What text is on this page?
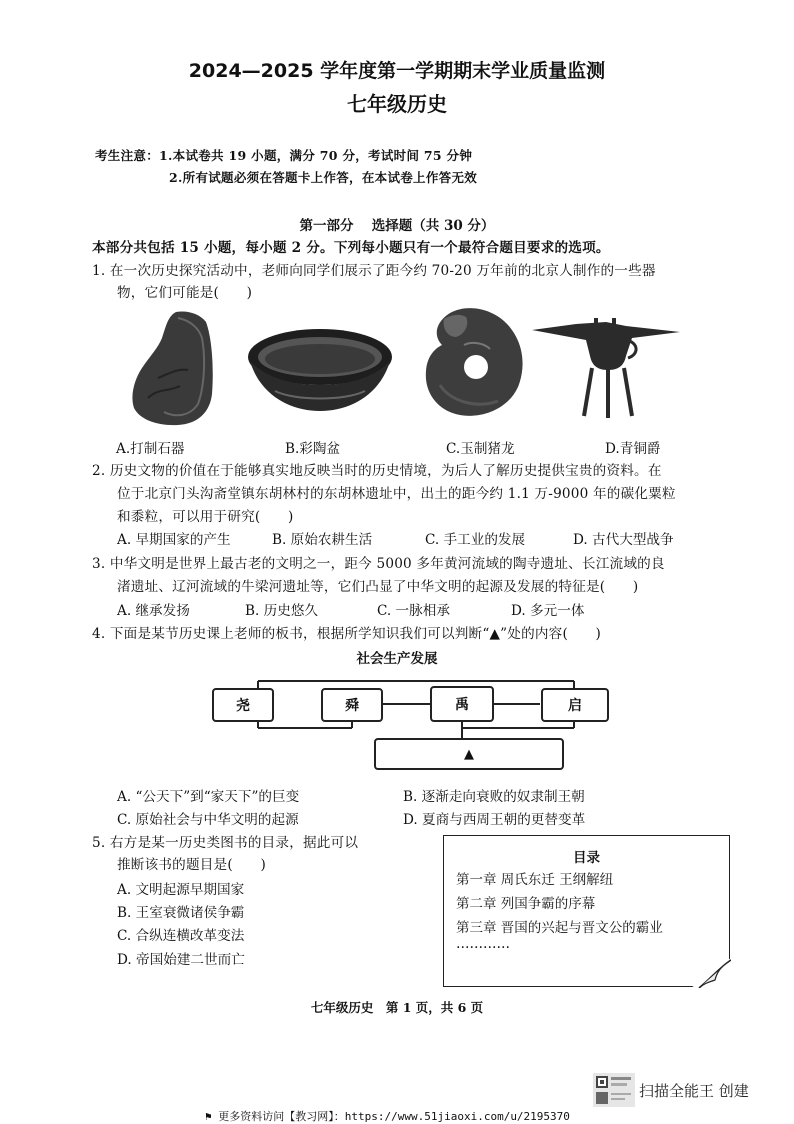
2024—2025 学年度第一学期期末学业质量监测
七年级历史
考生注意：1.本试卷共 19 小题，满分 70 分，考试时间 75 分钟
2.所有试题必须在答题卡上作答，在本试卷上作答无效
第一部分　 选择题（共 30 分）
本部分共包括 15 小题，每小题 2 分。下列每小题只有一个最符合题目要求的选项。
1. 在一次历史探究活动中，老师向同学们展示了距今约 70-20 万年前的北京人制作的一些器
物，它们可能是(　　)
A.打制石器	B.彩陶盆	C.玉制猪龙	D.青铜爵
2. 历史文物的价值在于能够真实地反映当时的历史情境，为后人了解历史提供宝贵的资料。在
位于北京门头沟斋堂镇东胡林村的东胡林遗址中，出土的距今约 1.1 万-9000 年的碳化粟粒
和黍粒，可以用于研究(　　)
A. 早期国家的产生	B. 原始农耕生活	C. 手工业的发展	D. 古代大型战争
3. 中华文明是世界上最古老的文明之一，距今 5000 多年黄河流域的陶寺遗址、长江流域的良
渚遗址、辽河流域的牛梁河遗址等，它们凸显了中华文明的起源及发展的特征是(　　)
A. 继承发扬	B. 历史悠久	C. 一脉相承	D. 多元一体
4. 下面是某节历史课上老师的板书，根据所学知识我们可以判断“▲”处的内容(　　)
社会生产发展
尧	舜	禹	启
▲
A. “公天下”到“家天下”的巨变	B. 逐渐走向衰败的奴隶制王朝
C. 原始社会与中华文明的起源	D. 夏商与西周王朝的更替变革
5. 右方是某一历史类图书的目录，据此可以
推断该书的题目是(　　)
A. 文明起源早期国家
B. 王室衰微诸侯争霸
C. 合纵连横改革变法
D. 帝国始建二世而亡
目录
第一章 周氏东迁 王纲解纽
第二章 列国争霸的序幕
第三章 晋国的兴起与晋文公的霸业
…………
七年级历史　第 1 页，共 6 页
扫描全能王 创建
⚑ 更多资料访问【教习网】：https://www.51jiaoxi.com/u/2195370
